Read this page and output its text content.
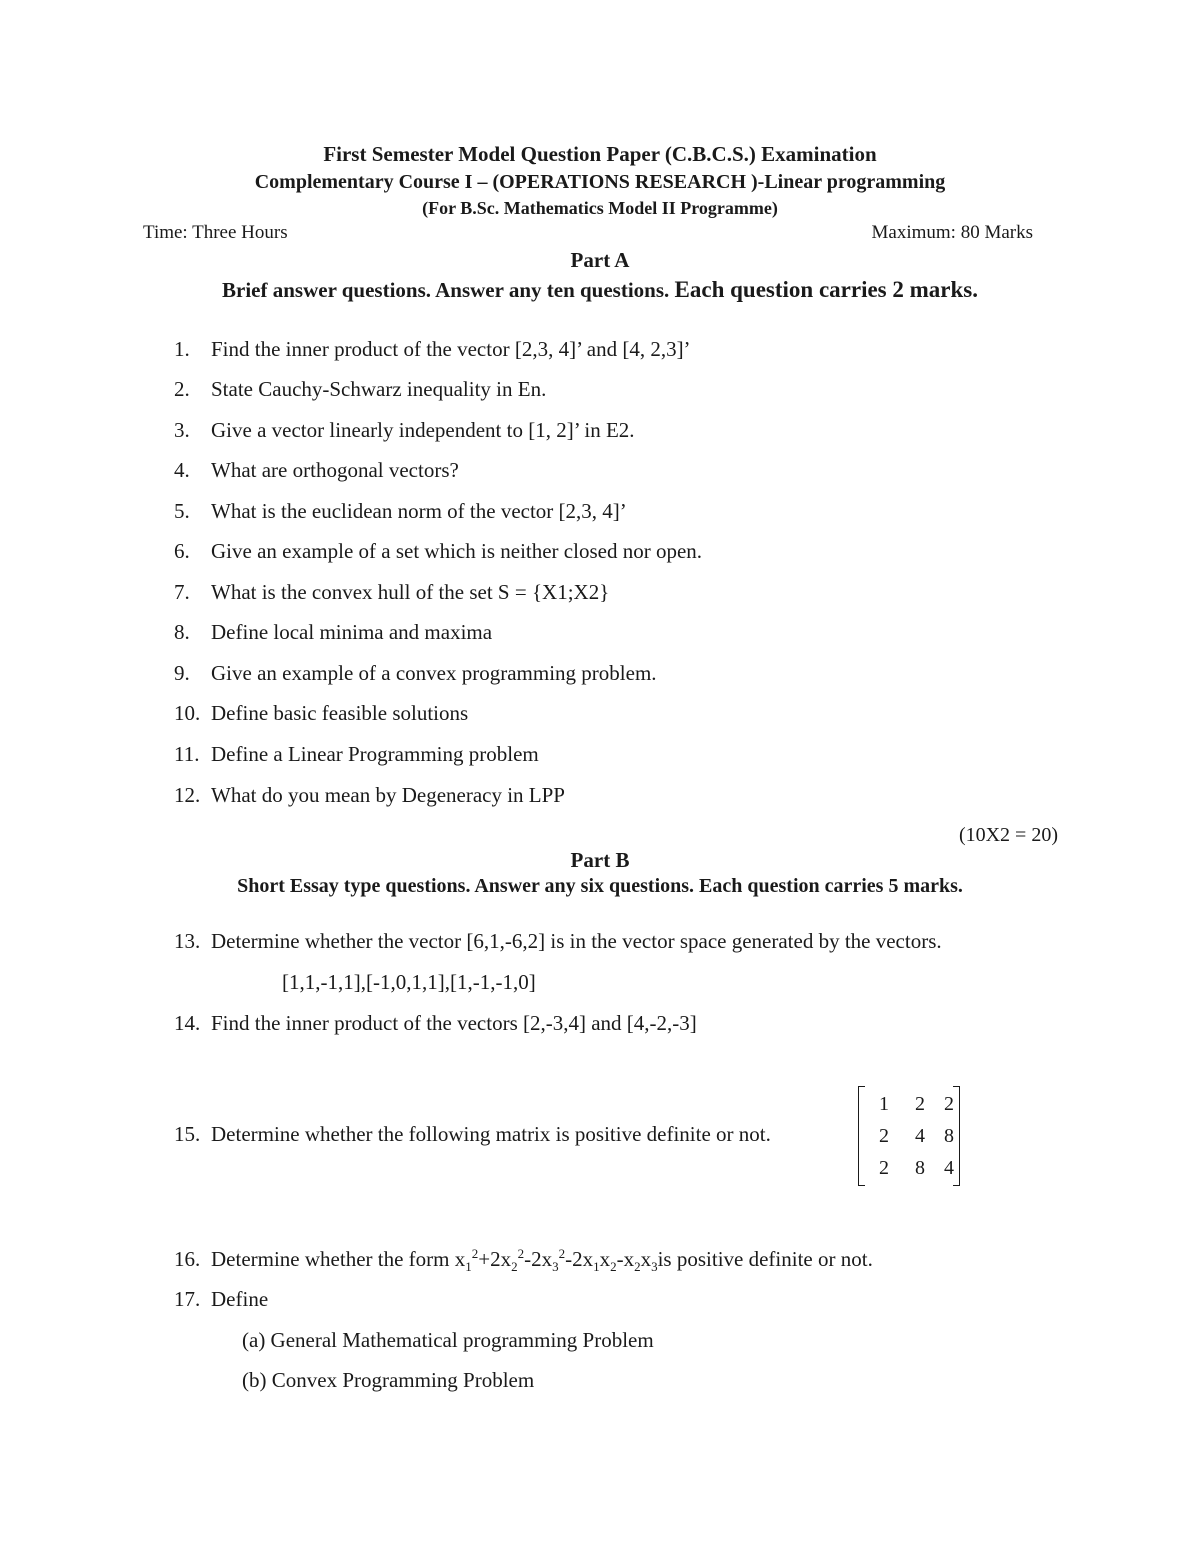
First Semester Model Question Paper (C.B.C.S.) Examination
Complementary Course I – (OPERATIONS RESEARCH )-Linear programming
(For B.Sc. Mathematics Model II Programme)
Time: Three Hours	Maximum: 80 Marks
Part A
Brief answer questions. Answer any ten questions. Each question carries 2 marks.
1. Find the inner product of the vector [2,3, 4]’ and [4, 2,3]’
2. State Cauchy-Schwarz inequality in En.
3. Give a vector linearly independent to [1, 2]’ in E2.
4. What are orthogonal vectors?
5. What is the euclidean norm of the vector [2,3, 4]’
6. Give an example of a set which is neither closed nor open.
7. What is the convex hull of the set S = {X1;X2}
8. Define local minima and maxima
9. Give an example of a convex programming problem.
10. Define basic feasible solutions
11. Define a Linear Programming problem
12. What do you mean by Degeneracy in LPP
(10X2 = 20)
Part B
Short Essay type questions. Answer any six questions. Each question carries 5 marks.
13. Determine whether the vector [6,1,-6,2] is in the vector space generated by the vectors.
[1,1,-1,1],[-1,0,1,1],[1,-1,-1,0]
14. Find the inner product of the vectors [2,-3,4] and [4,-2,-3]
15. Determine whether the following matrix is positive definite or not.
1	2 2
2	4 8
2	8 4
16. Determine whether the form $x_1^2+2x_2^2-2x_3^2-2x_1x_2-x_2x_3is$ positive definite or not.
17. Define
(a) General Mathematical programming Problem
(b) Convex Programming Problem
